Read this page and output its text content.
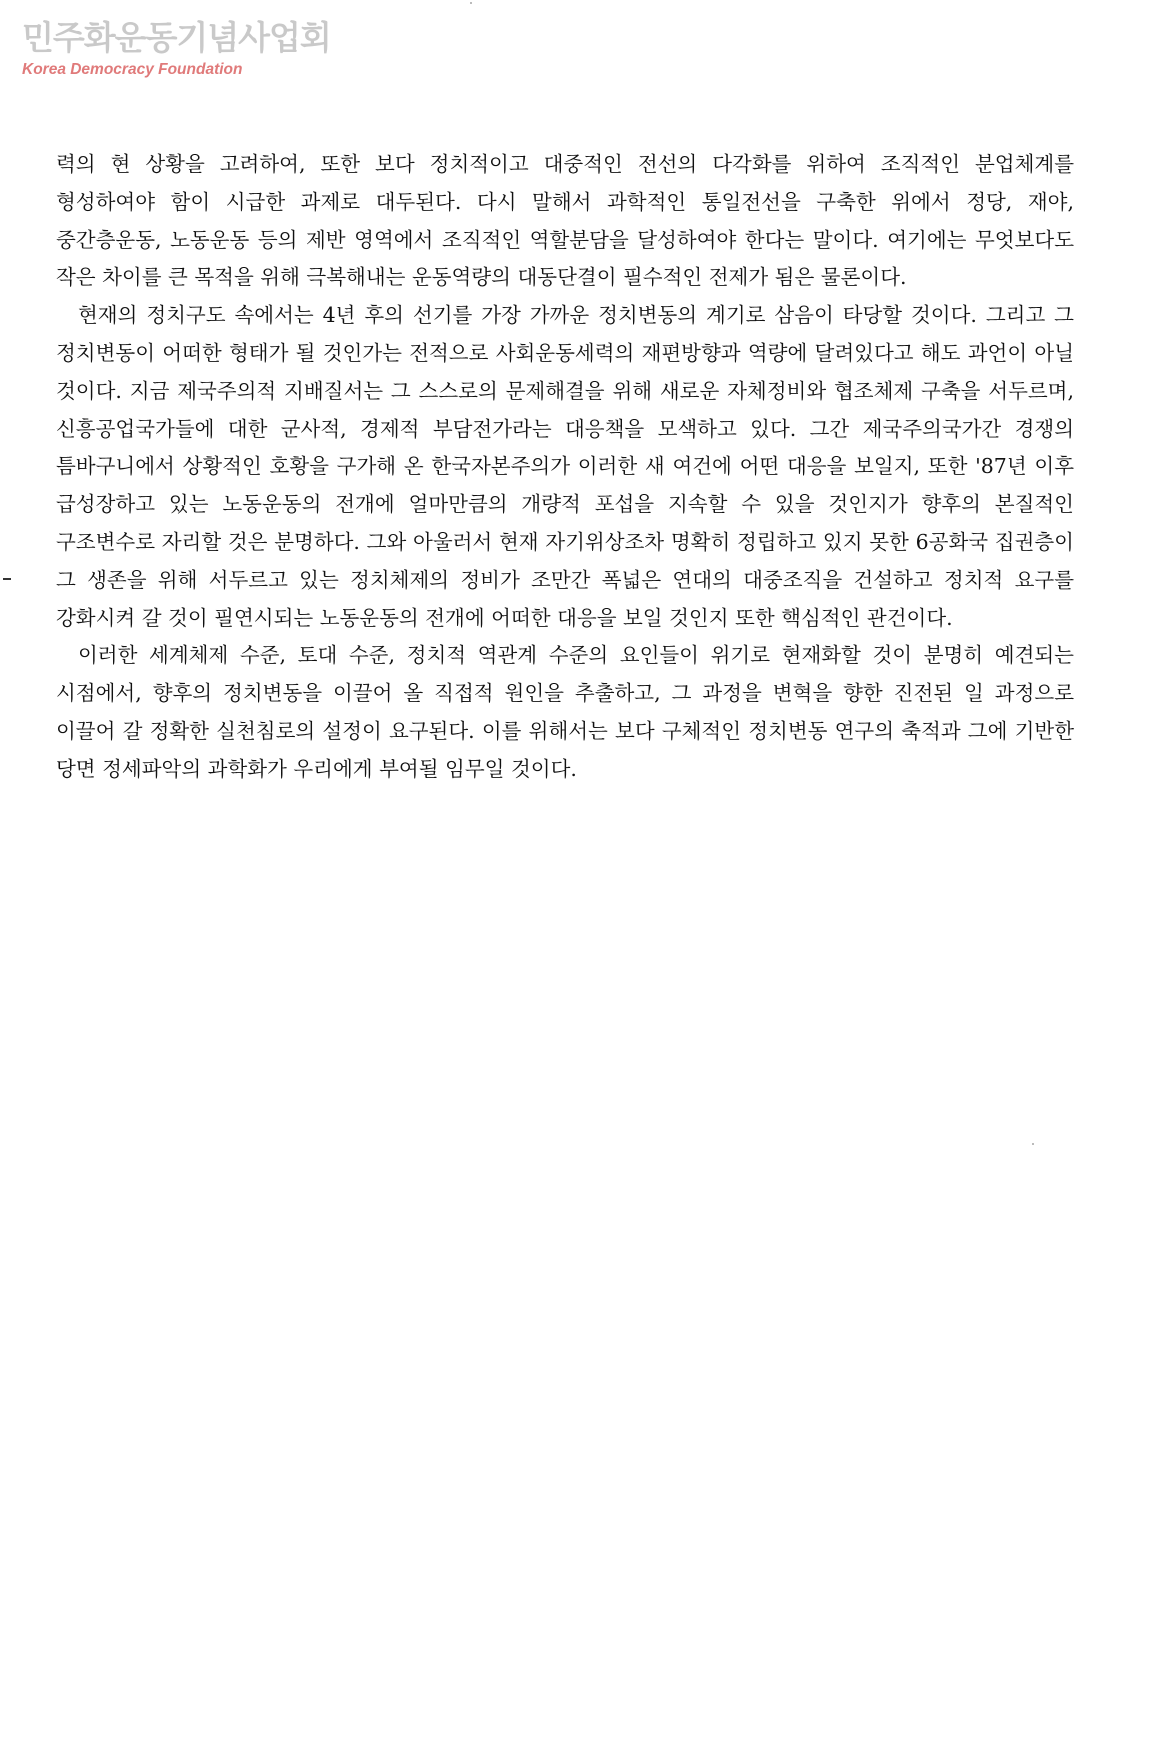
민주화운동기념사업회
Korea Democracy Foundation

력의 현 상황을 고려하여, 또한 보다 정치적이고 대중적인 전선의 다각화를 위하여 조직적인 분업체계를 형성하여야 함이 시급한 과제로 대두된다. 다시 말해서 과학적인 통일전선을 구축한 위에서 정당, 재야, 중간층운동, 노동운동 등의 제반 영역에서 조직적인 역할분담을 달성하여야 한다는 말이다. 여기에는 무엇보다도 작은 차이를 큰 목적을 위해 극복해내는 운동역량의 대동단결이 필수적인 전제가 됨은 물론이다.

현재의 정치구도 속에서는 4년 후의 선기를 가장 가까운 정치변동의 계기로 삼음이 타당할 것이다. 그리고 그 정치변동이 어떠한 형태가 될 것인가는 전적으로 사회운동세력의 재편방향과 역량에 달려있다고 해도 과언이 아닐 것이다. 지금 제국주의적 지배질서는 그 스스로의 문제해결을 위해 새로운 자체정비와 협조체제 구축을 서두르며, 신흥공업국가들에 대한 군사적, 경제적 부담전가라는 대응책을 모색하고 있다. 그간 제국주의국가간 경쟁의 틈바구니에서 상황적인 호황을 구가해 온 한국자본주의가 이러한 새 여건에 어떤 대응을 보일지, 또한 '87년 이후 급성장하고 있는 노동운동의 전개에 얼마만큼의 개량적 포섭을 지속할 수 있을 것인지가 향후의 본질적인 구조변수로 자리할 것은 분명하다. 그와 아울러서 현재 자기위상조차 명확히 정립하고 있지 못한 6공화국 집권층이 그 생존을 위해 서두르고 있는 정치체제의 정비가 조만간 폭넓은 연대의 대중조직을 건설하고 정치적 요구를 강화시켜 갈 것이 필연시되는 노동운동의 전개에 어떠한 대응을 보일 것인지 또한 핵심적인 관건이다.

이러한 세계체제 수준, 토대 수준, 정치적 역관계 수준의 요인들이 위기로 현재화할 것이 분명히 예견되는 시점에서, 향후의 정치변동을 이끌어 올 직접적 원인을 추출하고, 그 과정을 변혁을 향한 진전된 일 과정으로 이끌어 갈 정확한 실천침로의 설정이 요구된다. 이를 위해서는 보다 구체적인 정치변동 연구의 축적과 그에 기반한 당면 정세파악의 과학화가 우리에게 부여될 임무일 것이다.
